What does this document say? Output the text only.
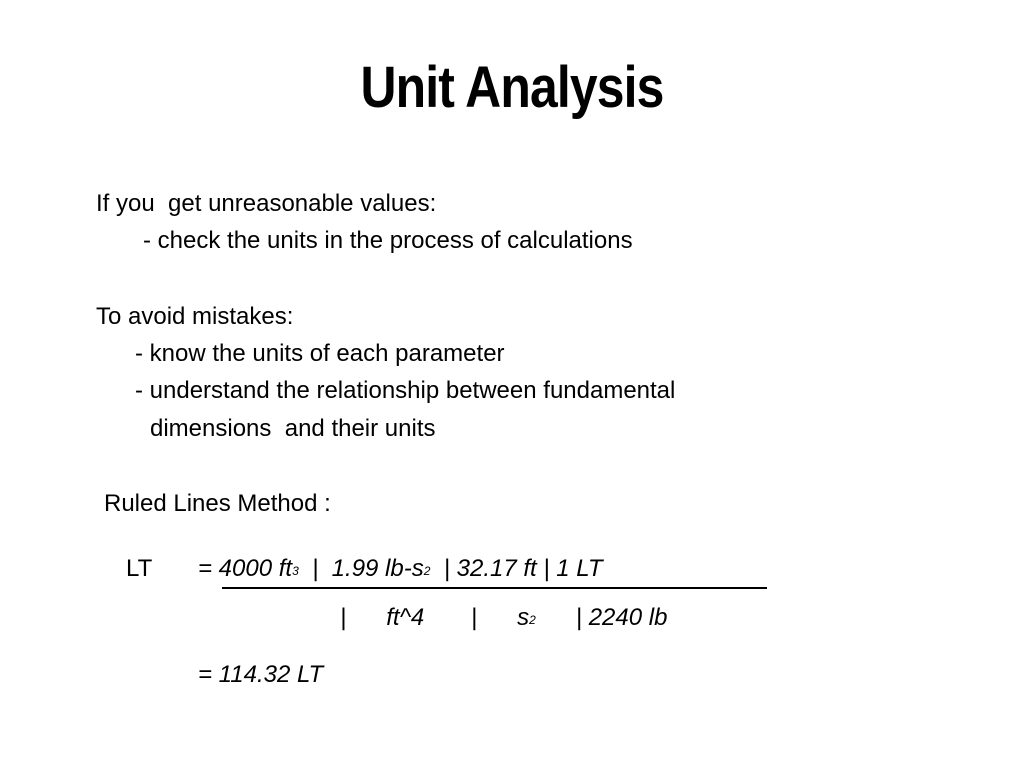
Unit Analysis
If you  get unreasonable values:
- check the units in the process of calculations
To avoid mistakes:
- know the units of each parameter
- understand the relationship between fundamental
dimensions  and their units
Ruled Lines Method :
LT = 4000 $ft^3$  |  1.99 $lb-s^2$  | 32.17 ft | 1 LT
|      ft^4       |      $s^2$      | 2240 lb
= 114.32 LT
